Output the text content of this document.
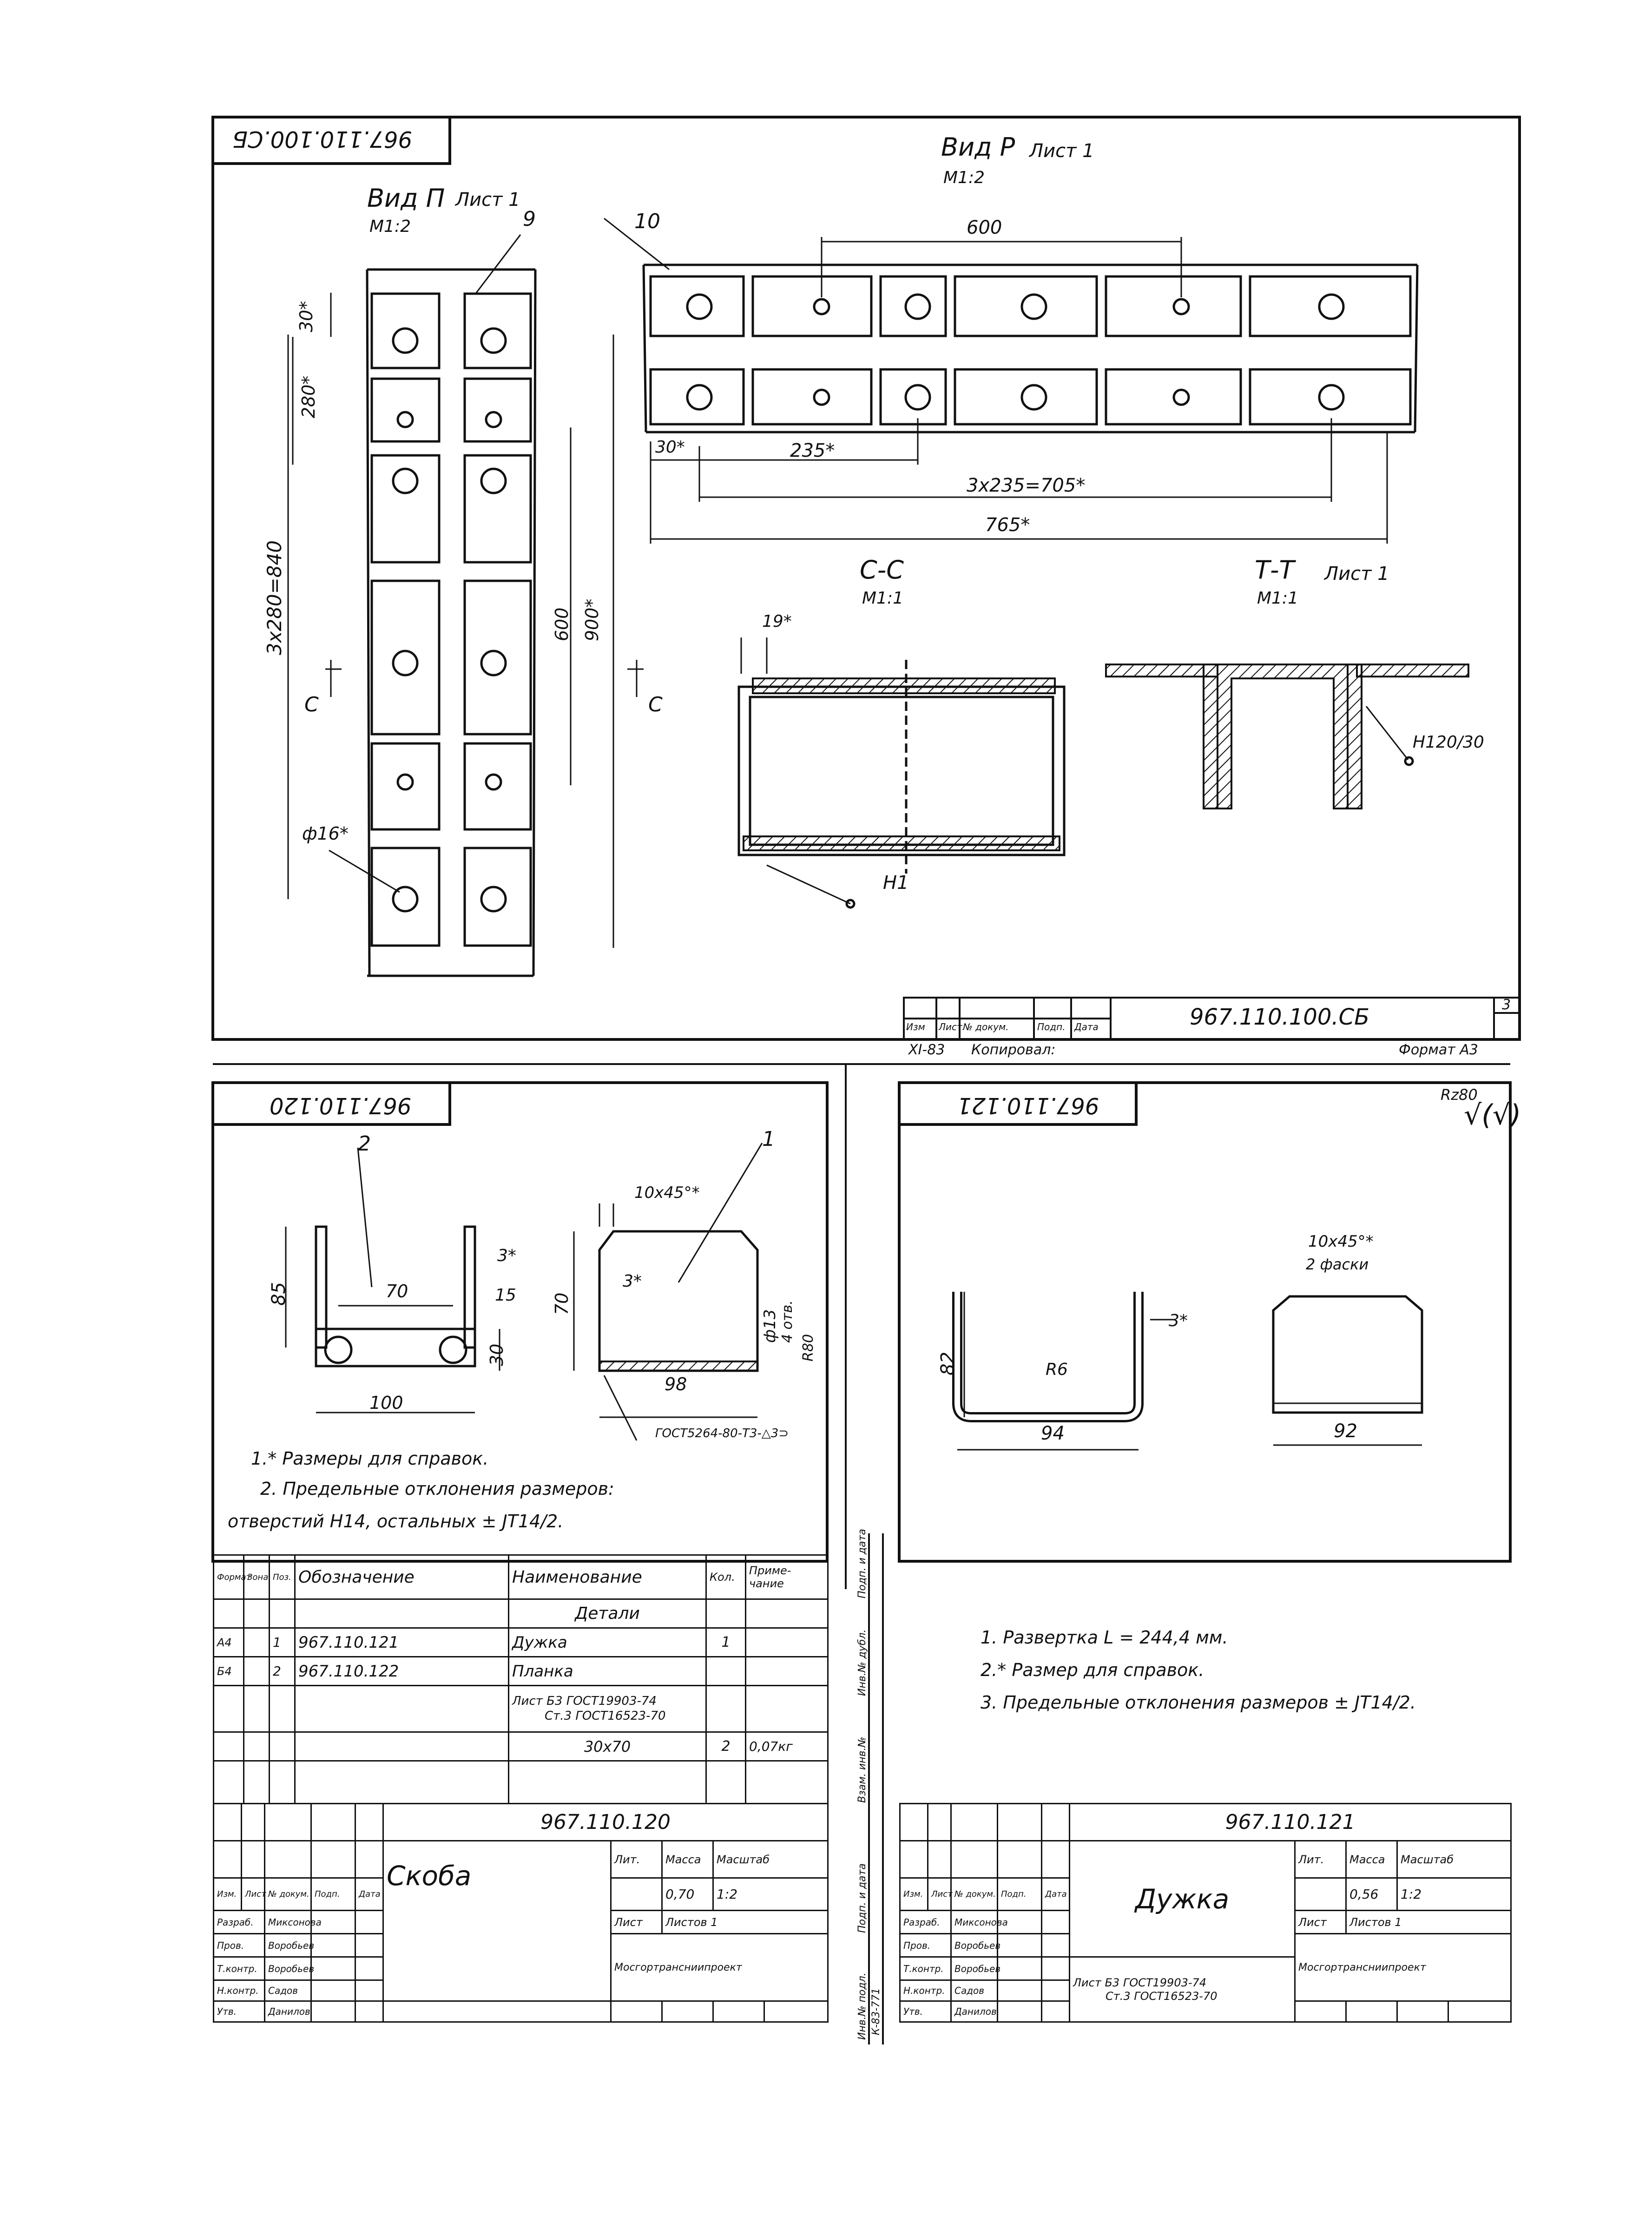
967.110.100.СБ
Вид П Лист 1
М1:2
Вид Р Лист 1
М1:2
9	10
30*
280*
3x280=840	600 900*
ф16*
С	С
600
30*	235*
3x235=705*
765*
С-С
М1:1
19*
Н1
Т-Т Лист 1
М1:1
Н120/30
967.110.100.СБ	3
Изм Лист № докум.	Подп. Дата
XI-83 Копировал:	Формат А3
967.110.120
2	1
85	70
3*
15
100
30
10x45°*
3*
70
ф13 4 отв.
R80
98
ГОСТ5264-80-Т3-△3⊃
1.* Размеры для справок.
2. Предельные отклонения размеров:
отверстий Н14, остальных ± JT14/2.
Формат	Зона	Поз.	Обозначение	Наименование	Кол.	Приме-чание
				Детали		
А4		1	967.110.121	Дужка	1	
Б4		2	967.110.122	Планка		
				Лист Б3 ГОСТ19903-74
Ст.3 ГОСТ16523-70		
				30x70	2	0,07кг

					967.110.120				
					Скоба	Лит.	Масса	Масштаб	
Изм.	Лист	№ докум.	Подп.	Дата			0,70	1:2	
Разраб.		Миксонова				Лист	Листов 1		
Пров.		Воробьев				Мосгортрансниипроект			
Т.контр.		Воробьев							
Н.контр.		Садов							
Утв.		Данилов							
967.110.121	Rz80
√(√)
82	R6
94
3*
10x45°*
2 фаски
92
1. Развертка L = 244,4 мм.
2.* Размер для справок.
3. Предельные отклонения размеров ± JT14/2.
Инв.№ подл.
Подп. и дата
Взам. инв.№
Инв.№ дубл.
Подп. и дата
К-83-771
					967.110.121				
					Дужка	Лит.	Масса	Масштаб	
Изм.	Лист	№ докум.	Подп.	Дата			0,56	1:2	
Разраб.		Миксонова				Лист	Листов 1		
Пров.		Воробьев				Мосгортрансниипроект			
Т.контр.		Воробьев			Лист Б3 ГОСТ19903-74
Ст.3 ГОСТ16523-70				
Н.контр.		Садов							
Утв.		Данилов							
